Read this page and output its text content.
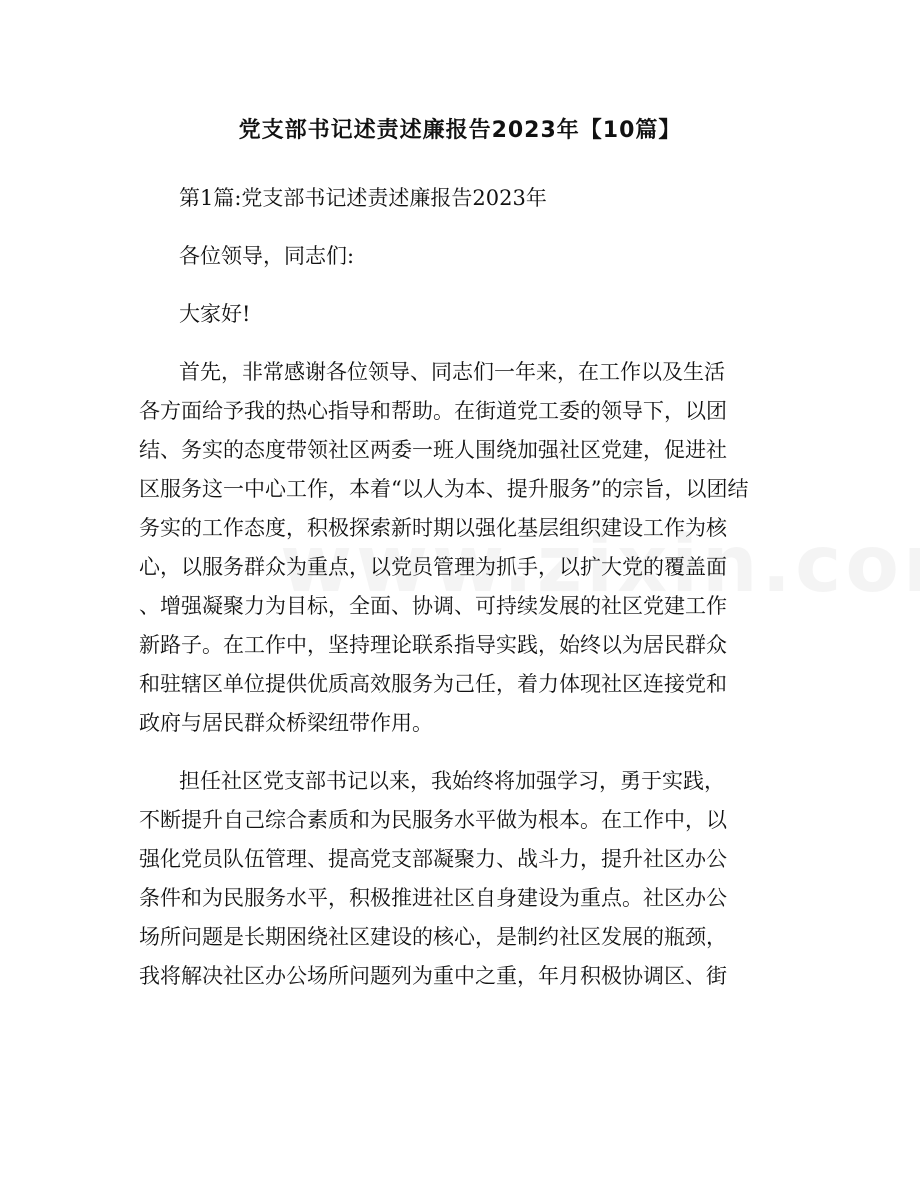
党支部书记述责述廉报告2023年【10篇】
第1篇:党支部书记述责述廉报告2023年
各位领导，同志们:
大家好!
首先，非常感谢各位领导、同志们一年来，在工作以及生活
各方面给予我的热心指导和帮助。在街道党工委的领导下，以团
结、务实的态度带领社区两委一班人围绕加强社区党建，促进社
区服务这一中心工作，本着“以人为本、提升服务”的宗旨，以团结
务实的工作态度，积极探索新时期以强化基层组织建设工作为核
心，以服务群众为重点，以党员管理为抓手，以扩大党的覆盖面
、增强凝聚力为目标，全面、协调、可持续发展的社区党建工作
新路子。在工作中，坚持理论联系指导实践，始终以为居民群众
和驻辖区单位提供优质高效服务为己任，着力体现社区连接党和
政府与居民群众桥梁纽带作用。
担任社区党支部书记以来，我始终将加强学习，勇于实践，
不断提升自己综合素质和为民服务水平做为根本。在工作中，以
强化党员队伍管理、提高党支部凝聚力、战斗力，提升社区办公
条件和为民服务水平，积极推进社区自身建设为重点。社区办公
场所问题是长期困绕社区建设的核心，是制约社区发展的瓶颈，
我将解决社区办公场所问题列为重中之重，年月积极协调区、街
